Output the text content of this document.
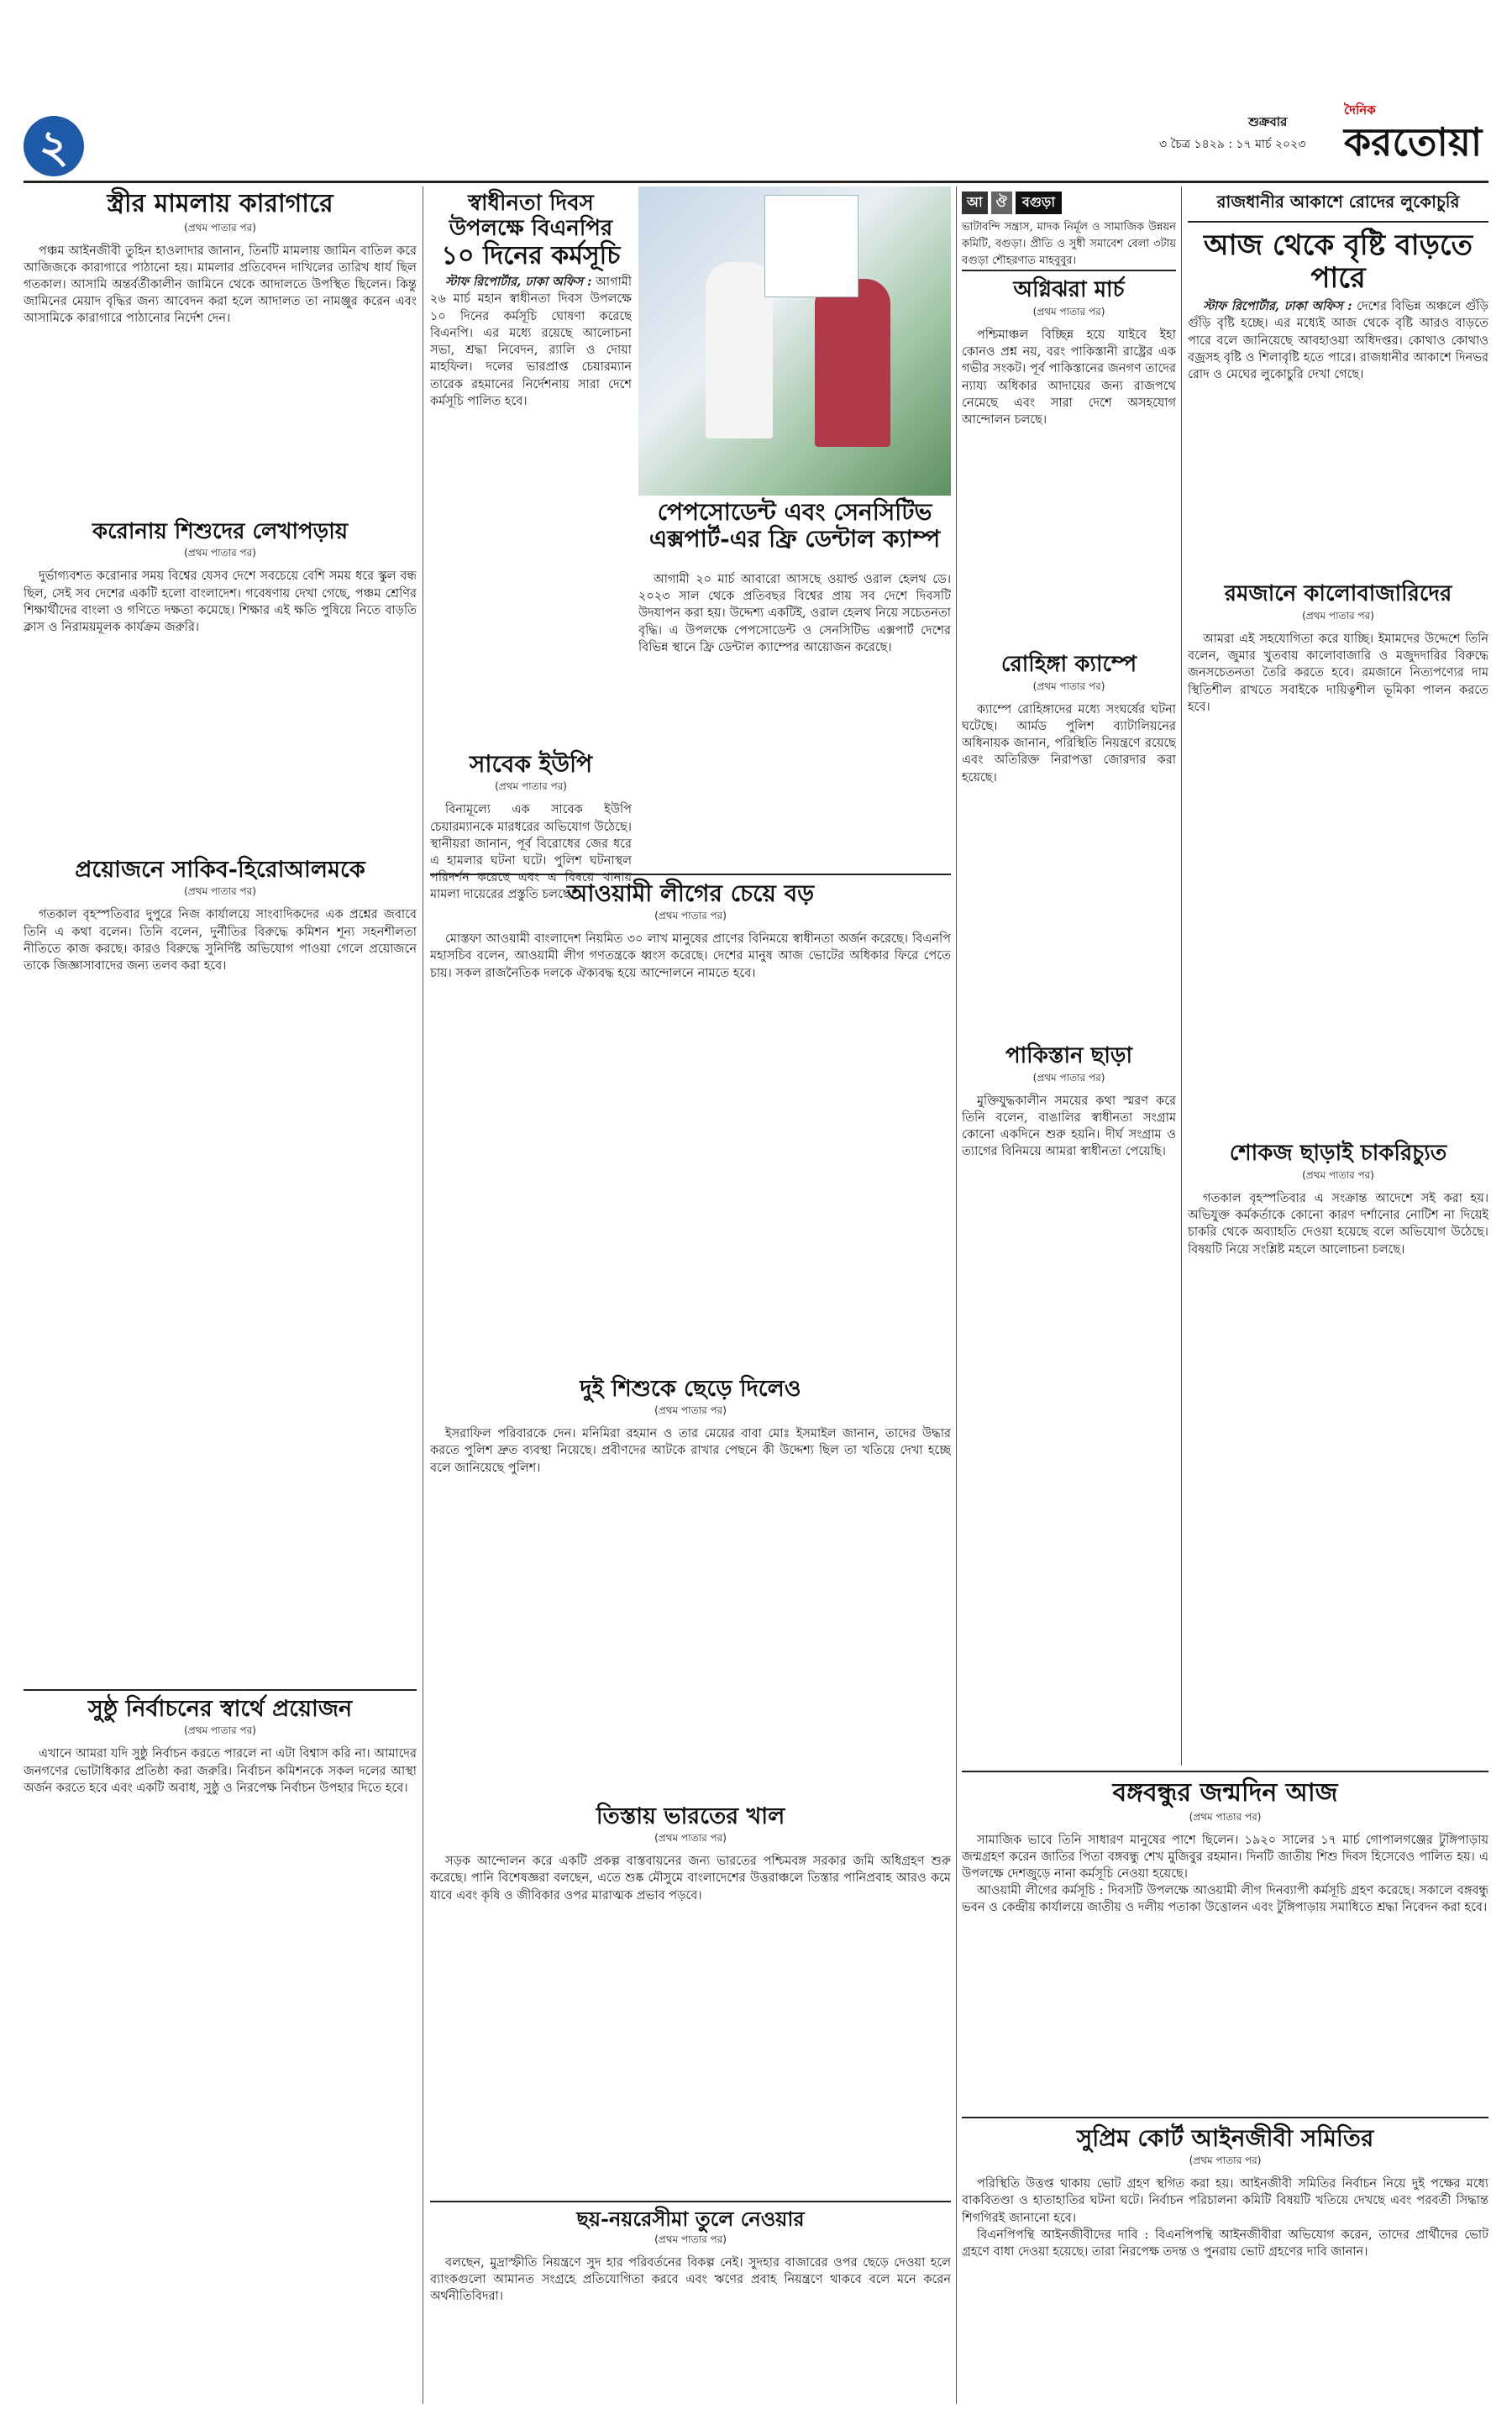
২	শুক্রবার
৩ চৈত্র ১৪২৯ : ১৭ মার্চ ২০২৩
দৈনিক
করতোয়া
স্ত্রীর মামলায় কারাগারে
(প্রথম পাতার পর)

পঞ্চম আইনজীবী তুহিন হাওলাদার জানান, তিনটি মামলায় জামিন বাতিল করে আজিজকে কারাগারে পাঠানো হয়। মামলার প্রতিবেদন দাখিলের তারিখ ধার্য ছিল গতকাল। আসামি অন্তর্বর্তীকালীন জামিনে থেকে আদালতে উপস্থিত ছিলেন। কিন্তু জামিনের মেয়াদ বৃদ্ধির জন্য আবেদন করা হলে আদালত তা নামঞ্জুর করেন এবং আসামিকে কারাগারে পাঠানোর নির্দেশ দেন।

করোনায় শিশুদের লেখাপড়ায়
(প্রথম পাতার পর)

দুর্ভাগ্যবশত করোনার সময় বিশ্বের যেসব দেশে সবচেয়ে বেশি সময় ধরে স্কুল বন্ধ ছিল, সেই সব দেশের একটি হলো বাংলাদেশ। গবেষণায় দেখা গেছে, পঞ্চম শ্রেণির শিক্ষার্থীদের বাংলা ও গণিতে দক্ষতা কমেছে। শিক্ষার এই ক্ষতি পুষিয়ে নিতে বাড়তি ক্লাস ও নিরাময়মূলক কার্যক্রম জরুরি।

প্রয়োজনে সাকিব-হিরোআলমকে
(প্রথম পাতার পর)

গতকাল বৃহস্পতিবার দুপুরে নিজ কার্যালয়ে সাংবাদিকদের এক প্রশ্নের জবাবে তিনি এ কথা বলেন। তিনি বলেন, দুর্নীতির বিরুদ্ধে কমিশন শূন্য সহনশীলতা নীতিতে কাজ করছে। কারও বিরুদ্ধে সুনির্দিষ্ট অভিযোগ পাওয়া গেলে প্রয়োজনে তাকে জিজ্ঞাসাবাদের জন্য তলব করা হবে।

সুষ্ঠু নির্বাচনের স্বার্থে প্রয়োজন
(প্রথম পাতার পর)

এখানে আমরা যদি সুষ্ঠু নির্বাচন করতে পারলে না এটা বিশ্বাস করি না। আমাদের জনগণের ভোটাধিকার প্রতিষ্ঠা করা জরুরি। নির্বাচন কমিশনকে সকল দলের আস্থা অর্জন করতে হবে এবং একটি অবাধ, সুষ্ঠু ও নিরপেক্ষ নির্বাচন উপহার দিতে হবে।

স্বাধীনতা দিবস
উপলক্ষে বিএনপির
১০ দিনের কর্মসূচি

স্টাফ রিপোর্টার, ঢাকা অফিস : আগামী ২৬ মার্চ মহান স্বাধীনতা দিবস উপলক্ষে ১০ দিনের কর্মসূচি ঘোষণা করেছে বিএনপি। এর মধ্যে রয়েছে আলোচনা সভা, শ্রদ্ধা নিবেদন, র‍্যালি ও দোয়া মাহফিল। দলের ভারপ্রাপ্ত চেয়ারম্যান তারেক রহমানের নির্দেশনায় সারা দেশে কর্মসূচি পালিত হবে।

সাবেক ইউপি
(প্রথম পাতার পর)

বিনামূল্যে এক সাবেক ইউপি চেয়ারম্যানকে মারধরের অভিযোগ উঠেছে। স্থানীয়রা জানান, পূর্ব বিরোধের জের ধরে এ হামলার ঘটনা ঘটে। পুলিশ ঘটনাস্থল পরিদর্শন করেছে এবং এ বিষয়ে থানায় মামলা দায়েরের প্রস্তুতি চলছে।

পেপসোডেন্ট এবং সেনসিটিভ
এক্সপার্ট-এর ফ্রি ডেন্টাল ক্যাম্প

আগামী ২০ মার্চ আবারো আসছে ওয়ার্ল্ড ওরাল হেলথ ডে। ২০২৩ সাল থেকে প্রতিবছর বিশ্বের প্রায় সব দেশে দিবসটি উদযাপন করা হয়। উদ্দেশ্য একটিই, ওরাল হেলথ নিয়ে সচেতনতা বৃদ্ধি। এ উপলক্ষে পেপসোডেন্ট ও সেনসিটিভ এক্সপার্ট দেশের বিভিন্ন স্থানে ফ্রি ডেন্টাল ক্যাম্পের আয়োজন করেছে।

আওয়ামী লীগের চেয়ে বড়
(প্রথম পাতার পর)

মোস্তফা আওয়ামী বাংলাদেশ নিয়মিত ৩০ লাখ মানুষের প্রাণের বিনিময়ে স্বাধীনতা অর্জন করেছে। বিএনপি মহাসচিব বলেন, আওয়ামী লীগ গণতন্ত্রকে ধ্বংস করেছে। দেশের মানুষ আজ ভোটের অধিকার ফিরে পেতে চায়। সকল রাজনৈতিক দলকে ঐক্যবদ্ধ হয়ে আন্দোলনে নামতে হবে।

দুই শিশুকে ছেড়ে দিলেও
(প্রথম পাতার পর)

ইসরাফিল পরিবারকে দেন। মনিমিরা রহমান ও তার মেয়ের বাবা মোঃ ইসমাইল জানান, তাদের উদ্ধার করতে পুলিশ দ্রুত ব্যবস্থা নিয়েছে। প্রবীণদের আটকে রাখার পেছনে কী উদ্দেশ্য ছিল তা খতিয়ে দেখা হচ্ছে বলে জানিয়েছে পুলিশ।

তিস্তায় ভারতের খাল
(প্রথম পাতার পর)

সড়ক আন্দোলন করে একটি প্রকল্প বাস্তবায়নের জন্য ভারতের পশ্চিমবঙ্গ সরকার জমি অধিগ্রহণ শুরু করেছে। পানি বিশেষজ্ঞরা বলছেন, এতে শুষ্ক মৌসুমে বাংলাদেশের উত্তরাঞ্চলে তিস্তার পানিপ্রবাহ আরও কমে যাবে এবং কৃষি ও জীবিকার ওপর মারাত্মক প্রভাব পড়বে।

ছয়-নয়রেসীমা তুলে নেওয়ার
(প্রথম পাতার পর)

বলছেন, মুদ্রাস্ফীতি নিয়ন্ত্রণে সুদ হার পরিবর্তনের বিকল্প নেই। সুদহার বাজারের ওপর ছেড়ে দেওয়া হলে ব্যাংকগুলো আমানত সংগ্রহে প্রতিযোগিতা করবে এবং ঋণের প্রবাহ নিয়ন্ত্রণে থাকবে বলে মনে করেন অর্থনীতিবিদরা।

আ	ঔ	বগুড়া
ভাটাবন্দি সন্ত্রাস, মাদক নির্মূল ও সামাজিক উন্নয়ন কমিটি, বগুড়া। প্রীতি ও সুধী সমাবেশ বেলা ৩টায় বগুড়া শৌহরণাত মাহবুবুর।
অগ্নিঝরা মার্চ
(প্রথম পাতার পর)

পশ্চিমাঞ্চল বিচ্ছিন্ন হয়ে যাইবে ইহা কোনও প্রশ্ন নয়, বরং পাকিস্তানী রাষ্ট্রের এক গভীর সংকট। পূর্ব পাকিস্তানের জনগণ তাদের ন্যায্য অধিকার আদায়ের জন্য রাজপথে নেমেছে এবং সারা দেশে অসহযোগ আন্দোলন চলছে।

রোহিঙ্গা ক্যাম্পে
(প্রথম পাতার পর)

ক্যাম্পে রোহিঙ্গাদের মধ্যে সংঘর্ষের ঘটনা ঘটেছে। আর্মড পুলিশ ব্যাটালিয়নের অধিনায়ক জানান, পরিস্থিতি নিয়ন্ত্রণে রয়েছে এবং অতিরিক্ত নিরাপত্তা জোরদার করা হয়েছে।

পাকিস্তান ছাড়া
(প্রথম পাতার পর)

মুক্তিযুদ্ধকালীন সময়ের কথা স্মরণ করে তিনি বলেন, বাঙালির স্বাধীনতা সংগ্রাম কোনো একদিনে শুরু হয়নি। দীর্ঘ সংগ্রাম ও ত্যাগের বিনিময়ে আমরা স্বাধীনতা পেয়েছি।

রাজধানীর আকাশে রোদের লুকোচুরি
আজ থেকে বৃষ্টি বাড়তে পারে

স্টাফ রিপোর্টার, ঢাকা অফিস : দেশের বিভিন্ন অঞ্চলে গুঁড়ি গুঁড়ি বৃষ্টি হচ্ছে। এর মধ্যেই আজ থেকে বৃষ্টি আরও বাড়তে পারে বলে জানিয়েছে আবহাওয়া অধিদপ্তর। কোথাও কোথাও বজ্রসহ বৃষ্টি ও শিলাবৃষ্টি হতে পারে। রাজধানীর আকাশে দিনভর রোদ ও মেঘের লুকোচুরি দেখা গেছে।

রমজানে কালোবাজারিদের
(প্রথম পাতার পর)

আমরা এই সহযোগিতা করে যাচ্ছি। ইমামদের উদ্দেশে তিনি বলেন, জুমার খুতবায় কালোবাজারি ও মজুদদারির বিরুদ্ধে জনসচেতনতা তৈরি করতে হবে। রমজানে নিত্যপণ্যের দাম স্থিতিশীল রাখতে সবাইকে দায়িত্বশীল ভূমিকা পালন করতে হবে।

শোকজ ছাড়াই চাকরিচ্যুত
(প্রথম পাতার পর)

গতকাল বৃহস্পতিবার এ সংক্রান্ত আদেশে সই করা হয়। অভিযুক্ত কর্মকর্তাকে কোনো কারণ দর্শানোর নোটিশ না দিয়েই চাকরি থেকে অব্যাহতি দেওয়া হয়েছে বলে অভিযোগ উঠেছে। বিষয়টি নিয়ে সংশ্লিষ্ট মহলে আলোচনা চলছে।

বঙ্গবন্ধুর জন্মদিন আজ
(প্রথম পাতার পর)

সামাজিক ভাবে তিনি সাধারণ মানুষের পাশে ছিলেন। ১৯২০ সালের ১৭ মার্চ গোপালগঞ্জের টুঙ্গিপাড়ায় জন্মগ্রহণ করেন জাতির পিতা বঙ্গবন্ধু শেখ মুজিবুর রহমান। দিনটি জাতীয় শিশু দিবস হিসেবেও পালিত হয়। এ উপলক্ষে দেশজুড়ে নানা কর্মসূচি নেওয়া হয়েছে।

আওয়ামী লীগের কর্মসূচি : দিবসটি উপলক্ষে আওয়ামী লীগ দিনব্যাপী কর্মসূচি গ্রহণ করেছে। সকালে বঙ্গবন্ধু ভবন ও কেন্দ্রীয় কার্যালয়ে জাতীয় ও দলীয় পতাকা উত্তোলন এবং টুঙ্গিপাড়ায় সমাধিতে শ্রদ্ধা নিবেদন করা হবে।

সুপ্রিম কোর্ট আইনজীবী সমিতির
(প্রথম পাতার পর)

পরিস্থিতি উত্তপ্ত থাকায় ভোট গ্রহণ স্থগিত করা হয়। আইনজীবী সমিতির নির্বাচন নিয়ে দুই পক্ষের মধ্যে বাকবিতণ্ডা ও হাতাহাতির ঘটনা ঘটে। নির্বাচন পরিচালনা কমিটি বিষয়টি খতিয়ে দেখছে এবং পরবর্তী সিদ্ধান্ত শিগগিরই জানানো হবে।

বিএনপিপন্থি আইনজীবীদের দাবি : বিএনপিপন্থি আইনজীবীরা অভিযোগ করেন, তাদের প্রার্থীদের ভোট গ্রহণে বাধা দেওয়া হয়েছে। তারা নিরপেক্ষ তদন্ত ও পুনরায় ভোট গ্রহণের দাবি জানান।
